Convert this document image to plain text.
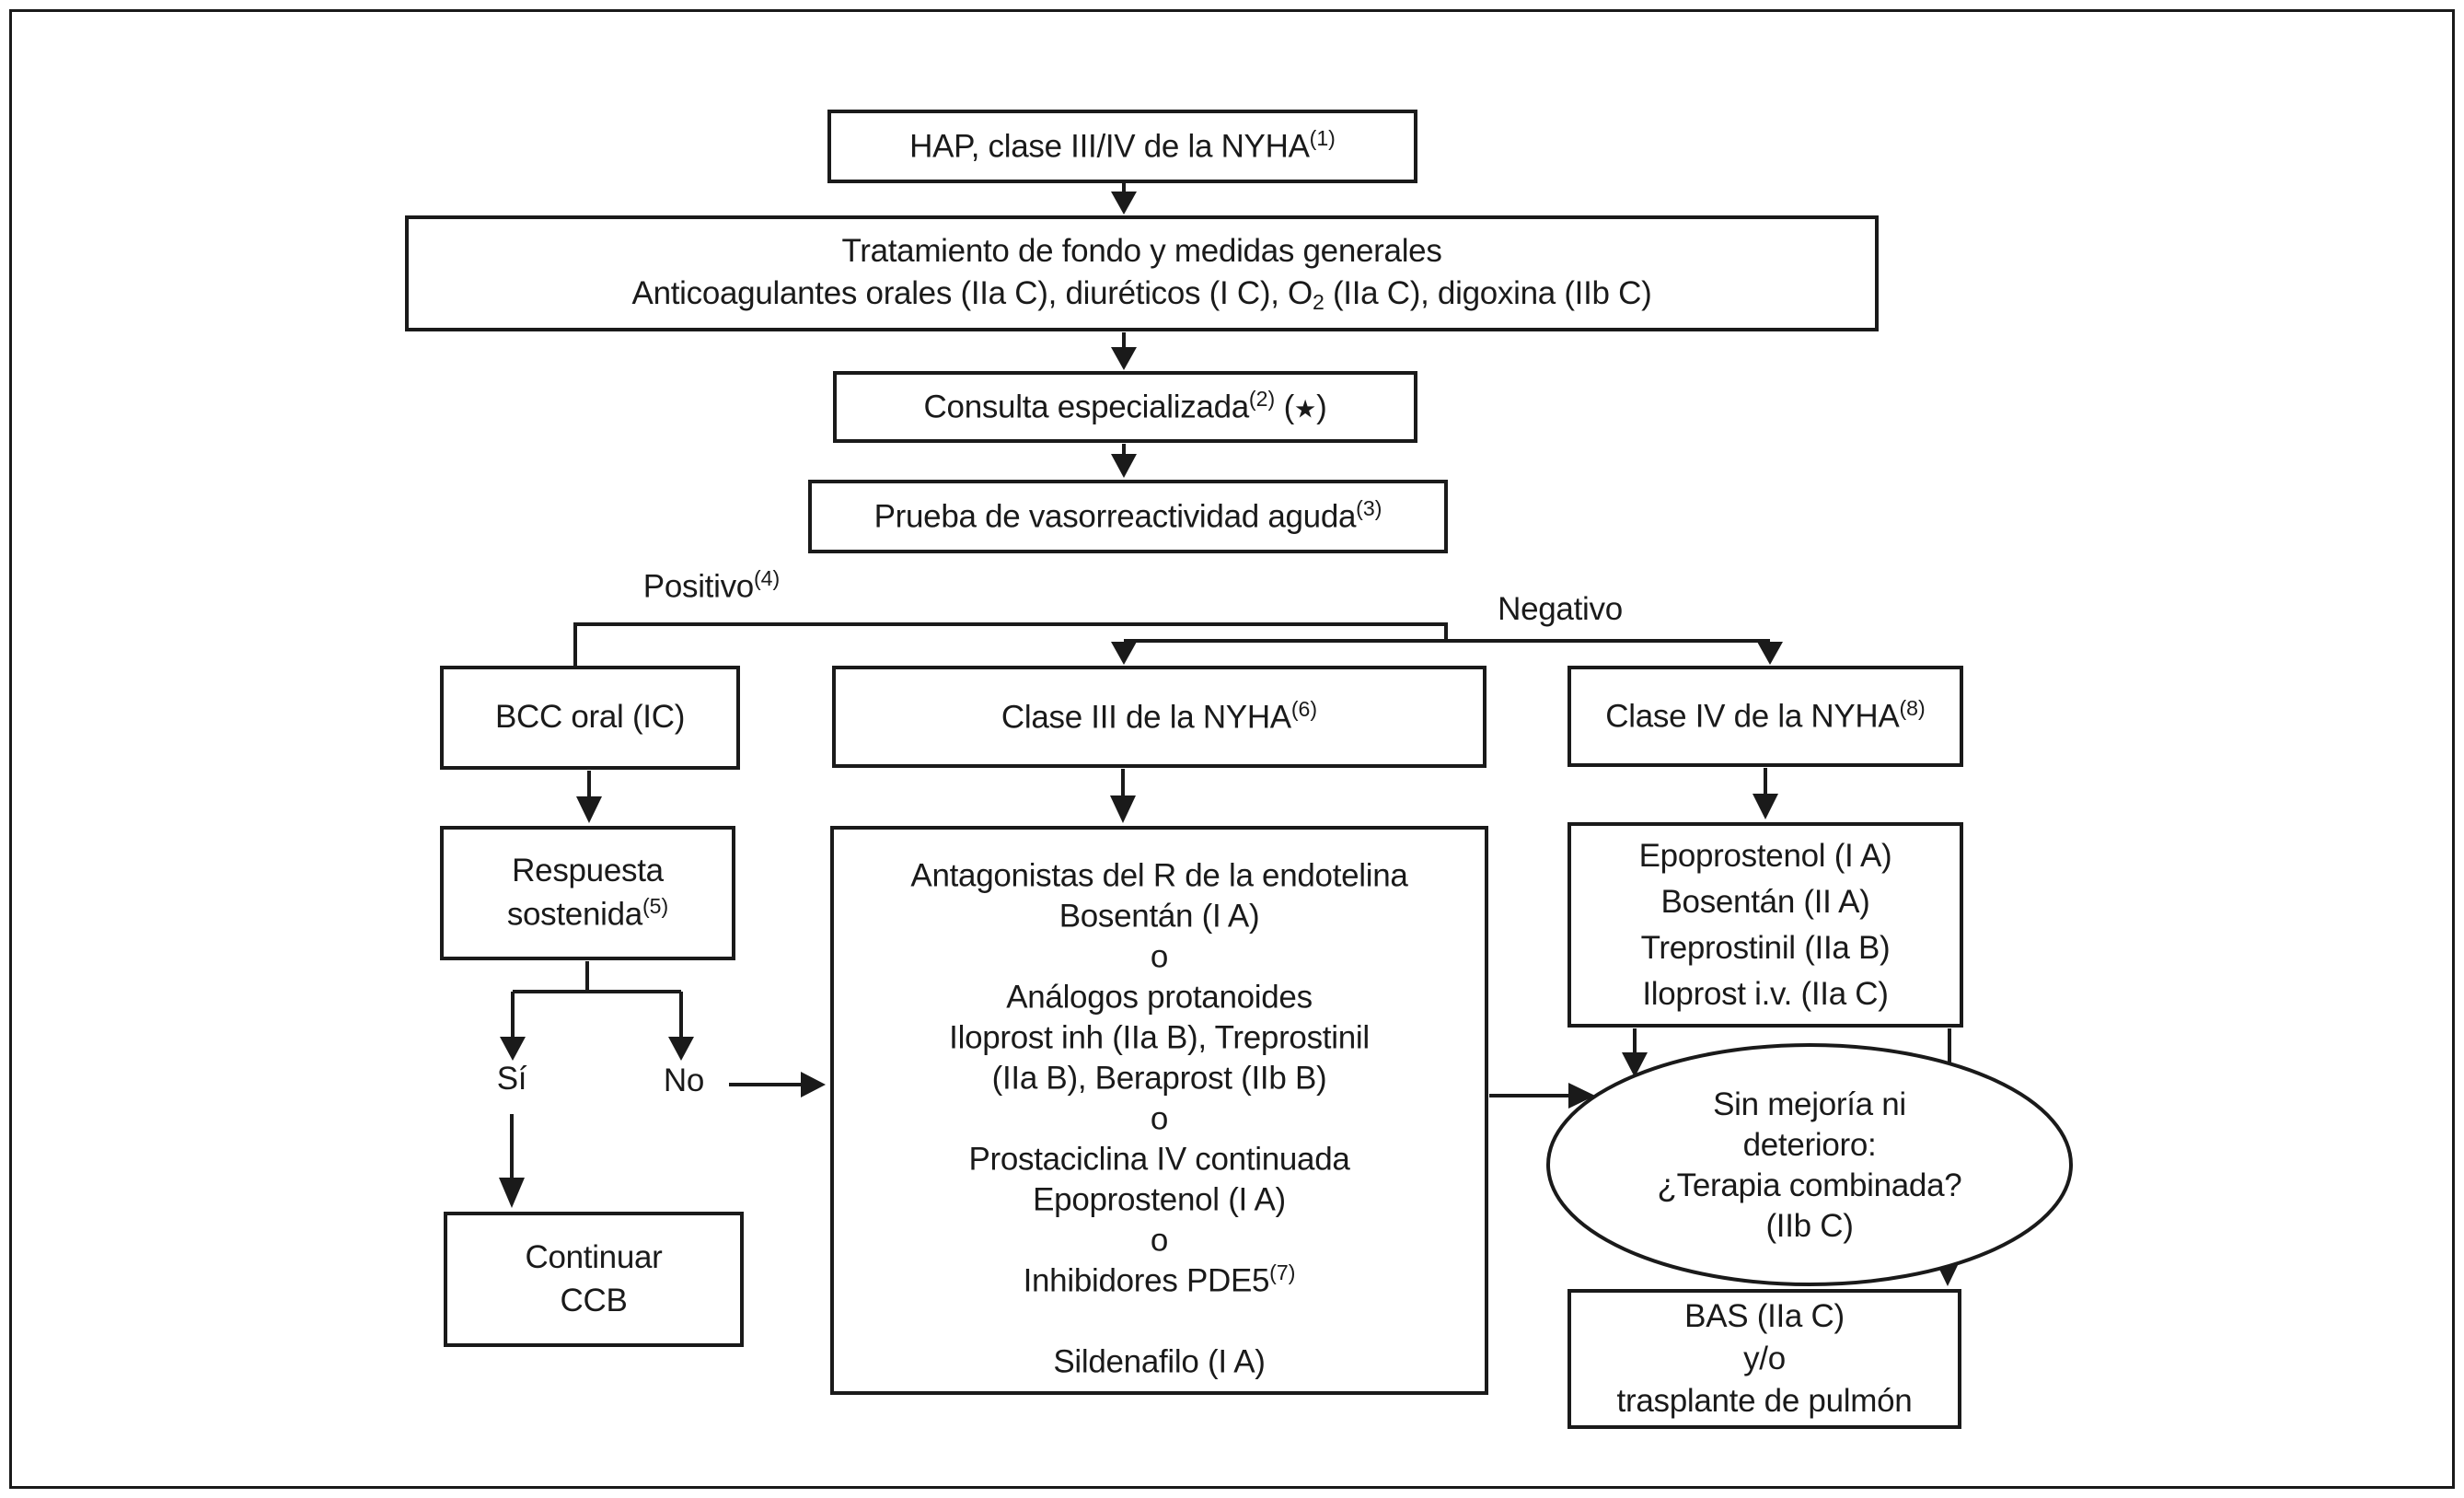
HAP, clase III/IV de la NYHA$^{(1)}$
Tratamiento de fondo y medidas generales
Anticoagulantes orales (IIa C), diuréticos (I C), $O_2$ (IIa C), digoxina (IIb C)
Consulta especializada$^{(2)}$ (★)
Prueba de vasorreactividad aguda$^{(3)}$
Positivo$^{(4)}$
Negativo
BCC oral (IC)	Clase III de la NYHA$^{(6)}$	Clase IV de la NYHA$^{(8)}$
Respuesta
sostenida$^{(5)}$
Sí	No
Continuar
CCB
Antagonistas del R de la endotelina
Bosentán (I A)
o
Análogos protanoides
Iloprost inh (IIa B), Treprostinil
(IIa B), Beraprost (IIb B)
o
Prostaciclina IV continuada
Epoprostenol (I A)
o
Inhibidores PDE5$^{(7)}$
Sildenafilo (I A)
Epoprostenol (I A)
Bosentán (II A)
Treprostinil (IIa B)
Iloprost i.v. (IIa C)
Sin mejoría ni
deterioro:
¿Terapia combinada?
(IIb C)
BAS (IIa C)
y/o
trasplante de pulmón
